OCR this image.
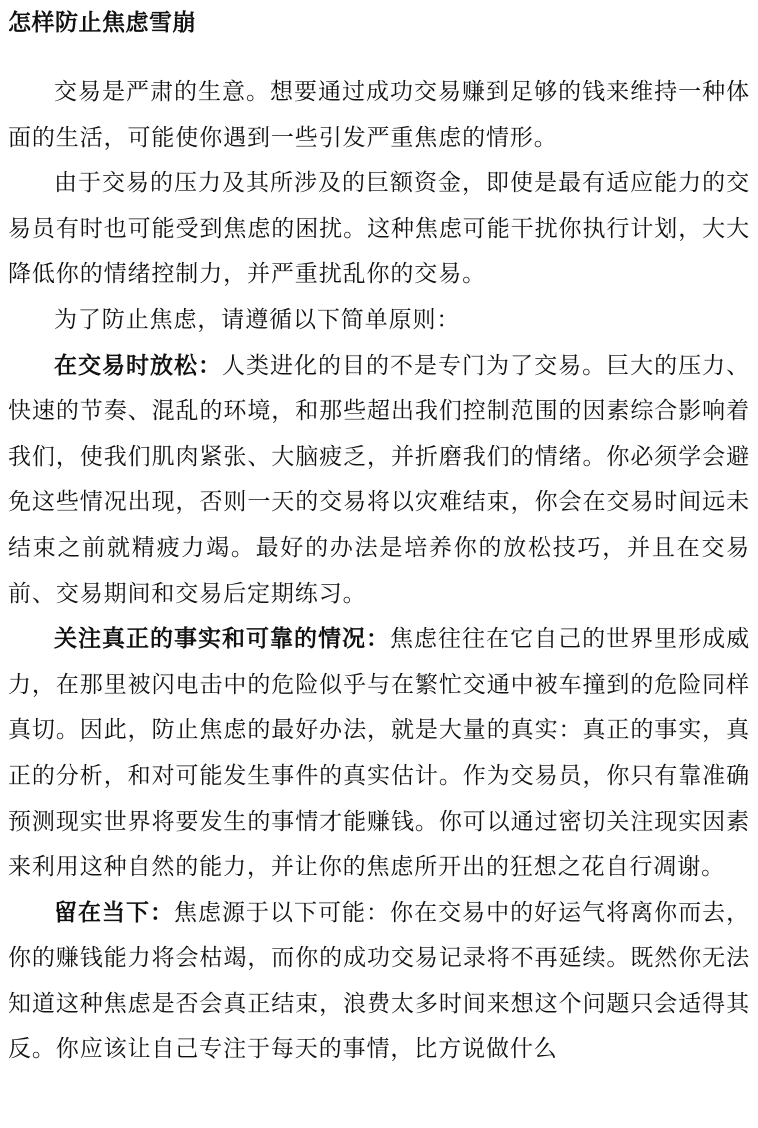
怎样防止焦虑雪崩

交易是严肃的生意。想要通过成功交易赚到足够的钱来维持一种体面的生活，可能使你遇到一些引发严重焦虑的情形。

由于交易的压力及其所涉及的巨额资金，即使是最有适应能力的交易员有时也可能受到焦虑的困扰。这种焦虑可能干扰你执行计划，大大降低你的情绪控制力，并严重扰乱你的交易。

为了防止焦虑，请遵循以下简单原则：

在交易时放松：人类进化的目的不是专门为了交易。巨大的压力、快速的节奏、混乱的环境，和那些超出我们控制范围的因素综合影响着我们，使我们肌肉紧张、大脑疲乏，并折磨我们的情绪。你必须学会避免这些情况出现，否则一天的交易将以灾难结束，你会在交易时间远未结束之前就精疲力竭。最好的办法是培养你的放松技巧，并且在交易前、交易期间和交易后定期练习。

关注真正的事实和可靠的情况：焦虑往往在它自己的世界里形成威力，在那里被闪电击中的危险似乎与在繁忙交通中被车撞到的危险同样真切。因此，防止焦虑的最好办法，就是大量的真实：真正的事实，真正的分析，和对可能发生事件的真实估计。作为交易员，你只有靠准确预测现实世界将要发生的事情才能赚钱。你可以通过密切关注现实因素来利用这种自然的能力，并让你的焦虑所开出的狂想之花自行凋谢。

留在当下：焦虑源于以下可能：你在交易中的好运气将离你而去，你的赚钱能力将会枯竭，而你的成功交易记录将不再延续。既然你无法知道这种焦虑是否会真正结束，浪费太多时间来想这个问题只会适得其反。你应该让自己专注于每天的事情，比方说做什么
